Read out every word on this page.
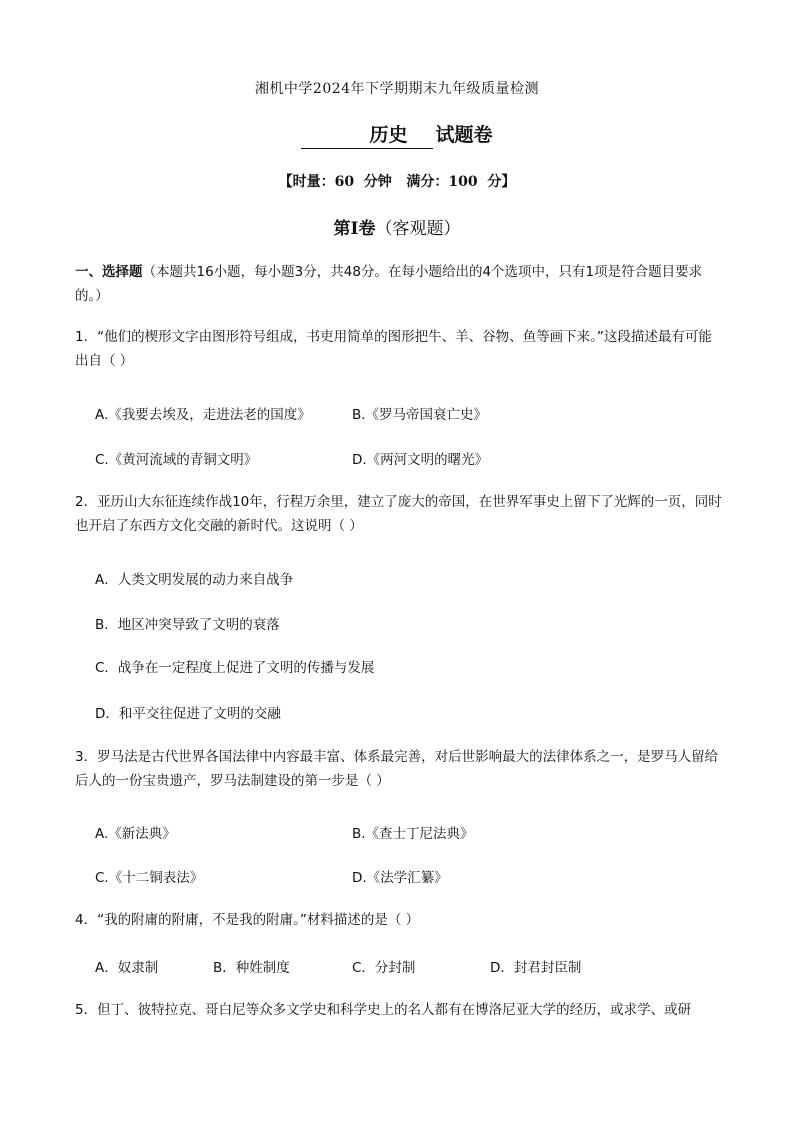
湘机中学2024年下学期期末九年级质量检测
历史 试题卷
【时量：60  分钟   满分：100  分】
第Ⅰ卷（客观题）
一、选择题（本题共16小题，每小题3分，共48分。在每小题给出的4个选项中，只有1项是符合题目要求的。）
1．“他们的楔形文字由图形符号组成，书吏用简单的图形把牛、羊、谷物、鱼等画下来。”这段描述最有可能出自（ ）
A.《我要去埃及，走进法老的国度》	B.《罗马帝国衰亡史》
C.《黄河流域的青铜文明》	D.《两河文明的曙光》
2．亚历山大东征连续作战10年，行程万余里，建立了庞大的帝国，在世界军事史上留下了光辉的一页，同时也开启了东西方文化交融的新时代。这说明（ ）
A．人类文明发展的动力来自战争
B．地区冲突导致了文明的衰落
C．战争在一定程度上促进了文明的传播与发展
D．和平交往促进了文明的交融
3．罗马法是古代世界各国法律中内容最丰富、体系最完善，对后世影响最大的法律体系之一，是罗马人留给后人的一份宝贵遗产，罗马法制建设的第一步是（ ）
A.《新法典》	B.《查士丁尼法典》
C.《十二铜表法》	D.《法学汇纂》
4．“我的附庸的附庸，不是我的附庸。”材料描述的是（ ）
A．奴隶制	B．种姓制度	C．分封制	D．封君封臣制
5．但丁、彼特拉克、哥白尼等众多文学史和科学史上的名人都有在博洛尼亚大学的经历，或求学、或研
